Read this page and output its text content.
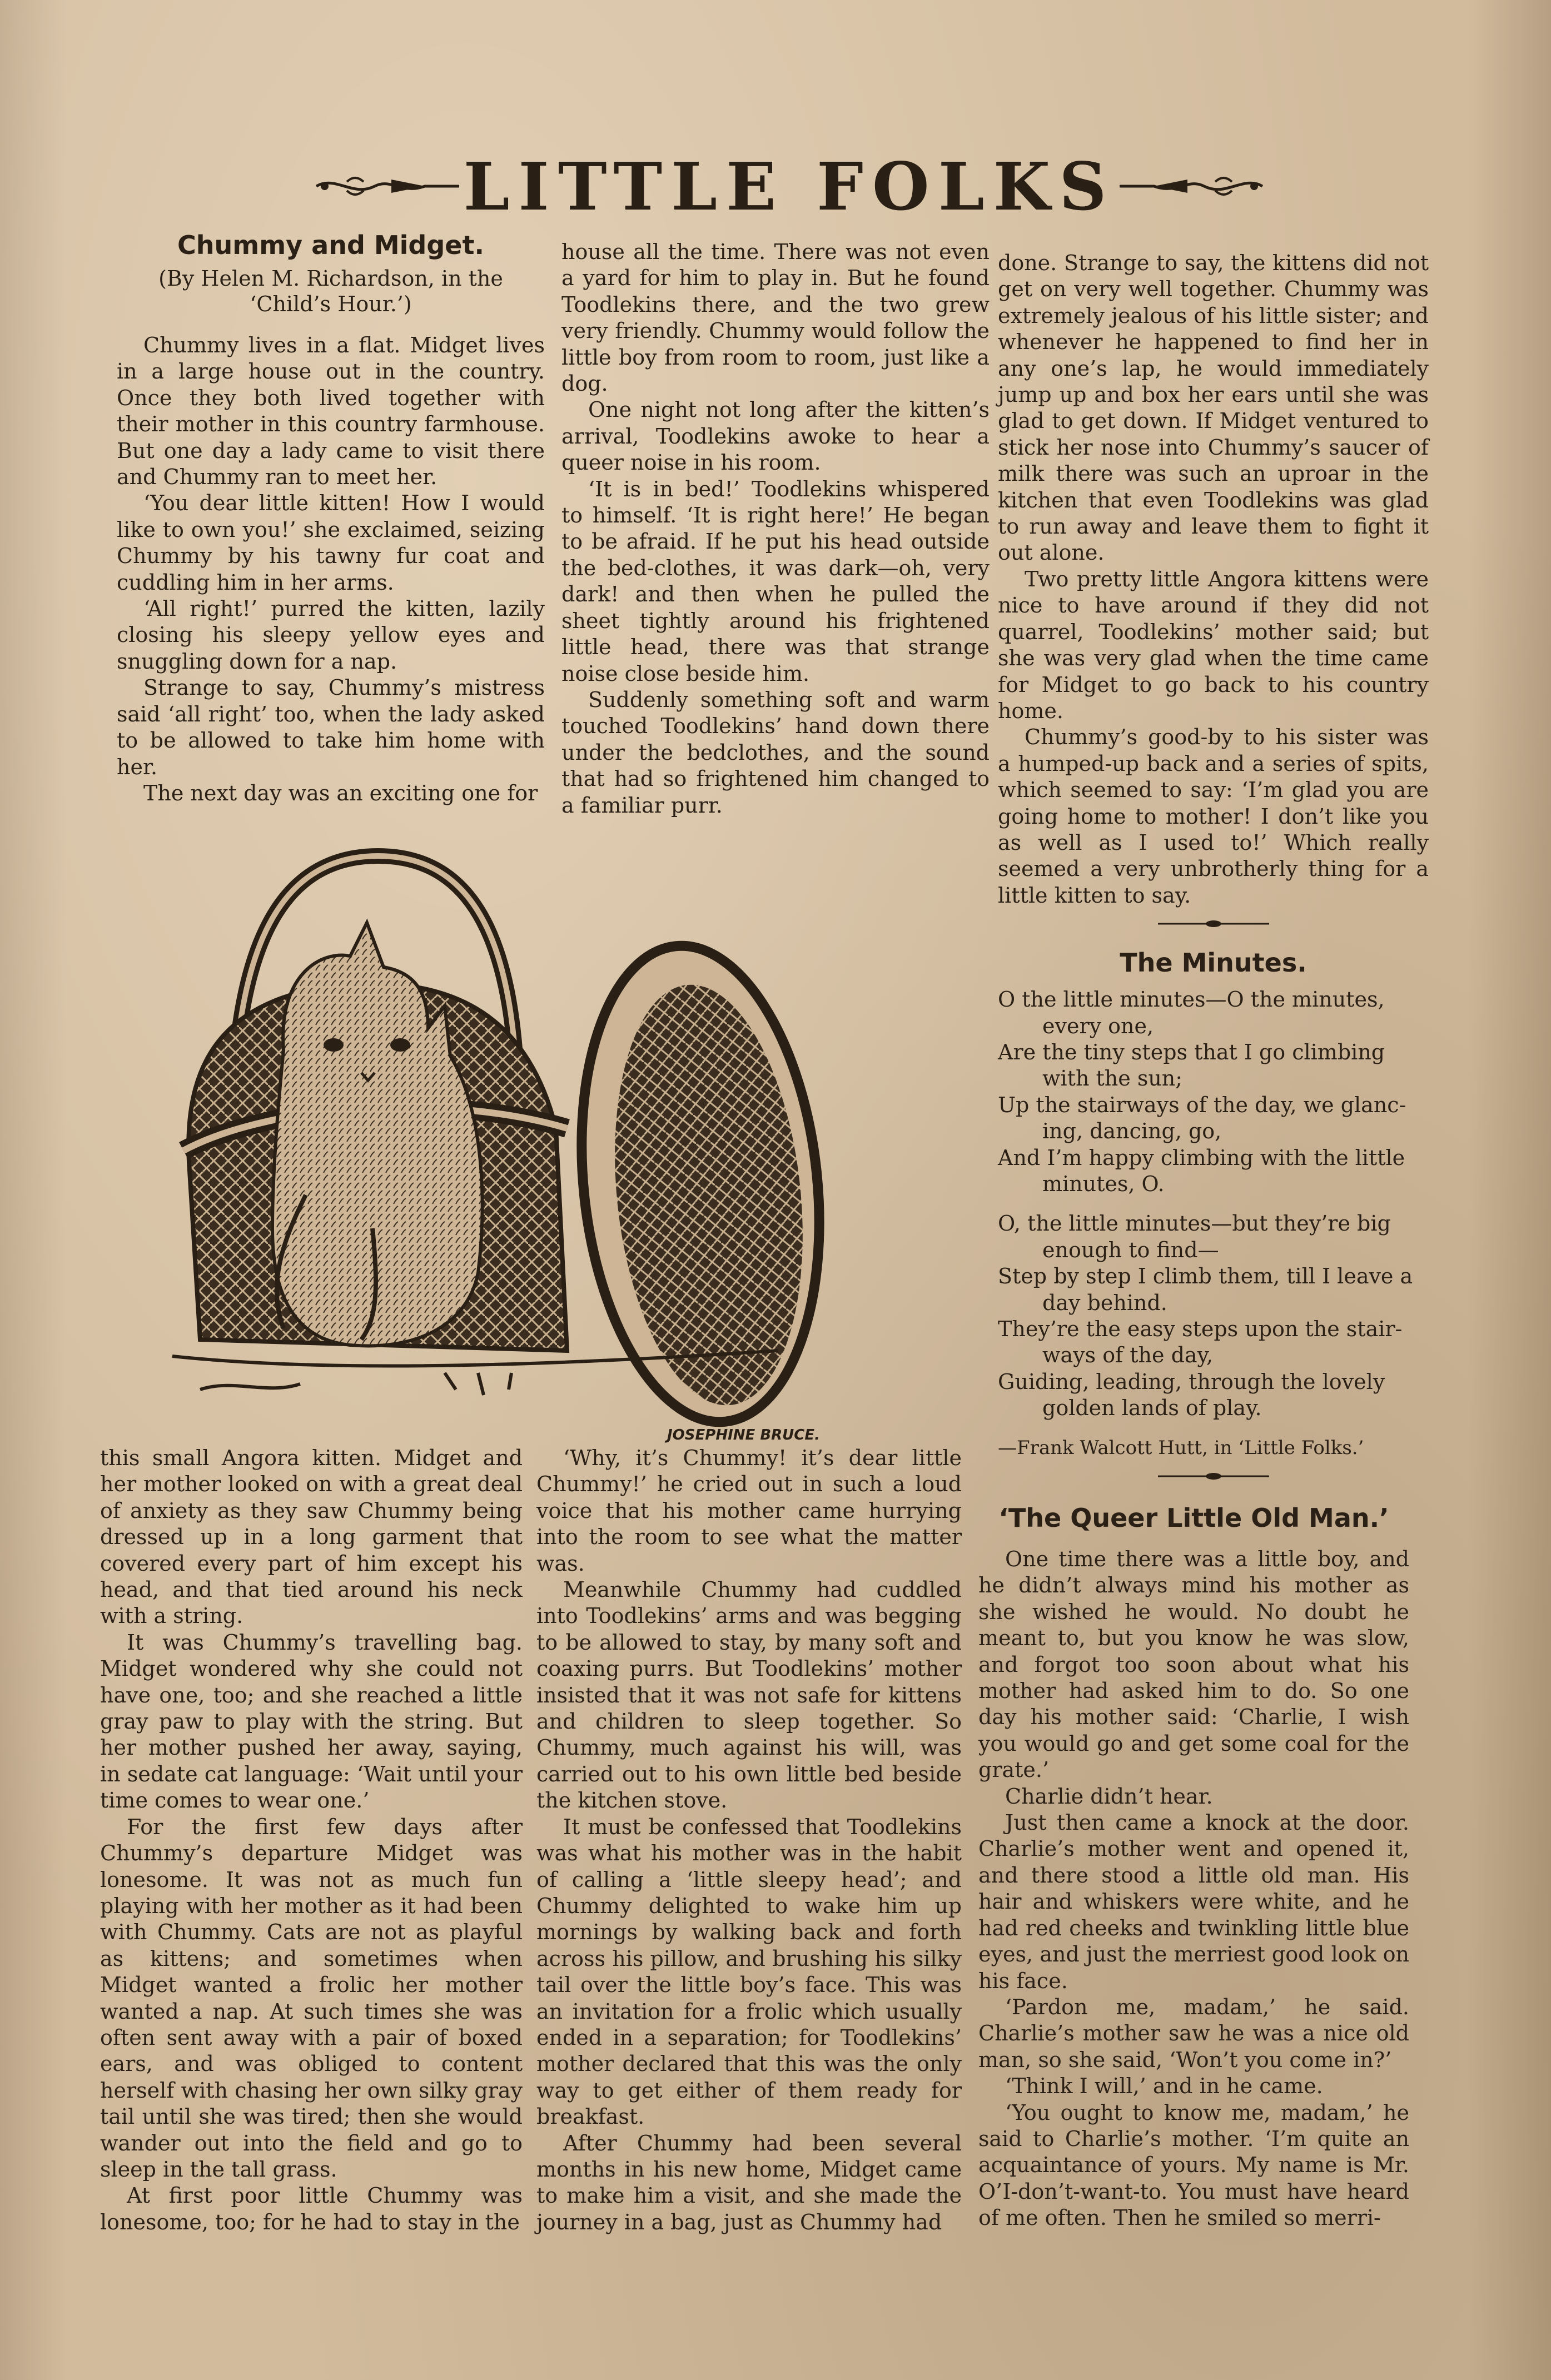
LITTLE FOLKS
Chummy and Midget.
(By Helen M. Richardson, in the
‘Child’s Hour.’)

Chummy lives in a flat. Midget lives in a large house out in the country. Once they both lived together with their mother in this country farmhouse. But one day a lady came to visit there and Chummy ran to meet her.

‘You dear little kitten! How I would like to own you!’ she exclaimed, seizing Chummy by his tawny fur coat and cuddling him in her arms.

‘All right!’ purred the kitten, lazily closing his sleepy yellow eyes and snuggling down for a nap.

Strange to say, Chummy’s mistress said ‘all right’ too, when the lady asked to be allowed to take him home with her.

The next day was an exciting one for

house all the time. There was not even a yard for him to play in. But he found Toodlekins there, and the two grew very friendly. Chummy would follow the little boy from room to room, just like a dog.

One night not long after the kitten’s arrival, Toodlekins awoke to hear a queer noise in his room.

‘It is in bed!’ Toodlekins whispered to himself. ‘It is right here!’ He began to be afraid. If he put his head outside the bed-clothes, it was dark—oh, very dark! and then when he pulled the sheet tightly around his frightened little head, there was that strange noise close beside him.

Suddenly something soft and warm touched Toodlekins’ hand down there under the bedclothes, and the sound that had so frightened him changed to a familiar purr.

done. Strange to say, the kittens did not get on very well together. Chummy was extremely jealous of his little sister; and whenever he happened to find her in any one’s lap, he would immediately jump up and box her ears until she was glad to get down. If Midget ventured to stick her nose into Chummy’s saucer of milk there was such an uproar in the kitchen that even Toodlekins was glad to run away and leave them to fight it out alone.

Two pretty little Angora kittens were nice to have around if they did not quarrel, Toodlekins’ mother said; but she was very glad when the time came for Midget to go back to his country home.

Chummy’s good-by to his sister was a humped-up back and a series of spits, which seemed to say: ‘I’m glad you are going home to mother! I don’t like you as well as I used to!’ Which really seemed a very unbrotherly thing for a little kitten to say.

The Minutes.
O the little minutes—O the minutes,
every one,
Are the tiny steps that I go climbing
with the sun;
Up the stairways of the day, we glanc-
ing, dancing, go,
And I’m happy climbing with the little
minutes, O.
O, the little minutes—but they’re big
enough to find—
Step by step I climb them, till I leave a
day behind.
They’re the easy steps upon the stair-
ways of the day,
Guiding, leading, through the lovely
golden lands of play.
—Frank Walcott Hutt, in ‘Little Folks.’
JOSEPHINE BRUCE.

this small Angora kitten. Midget and her mother looked on with a great deal of anxiety as they saw Chummy being dressed up in a long garment that covered every part of him except his head, and that tied around his neck with a string.

It was Chummy’s travelling bag. Midget wondered why she could not have one, too; and she reached a little gray paw to play with the string. But her mother pushed her away, saying, in sedate cat language: ‘Wait until your time comes to wear one.’

For the first few days after Chummy’s departure Midget was lonesome. It was not as much fun playing with her mother as it had been with Chummy. Cats are not as playful as kittens; and sometimes when Midget wanted a frolic her mother wanted a nap. At such times she was often sent away with a pair of boxed ears, and was obliged to content herself with chasing her own silky gray tail until she was tired; then she would wander out into the field and go to sleep in the tall grass.

At first poor little Chummy was lonesome, too; for he had to stay in the

‘Why, it’s Chummy! it’s dear little Chummy!’ he cried out in such a loud voice that his mother came hurrying into the room to see what the matter was.

Meanwhile Chummy had cuddled into Toodlekins’ arms and was begging to be allowed to stay, by many soft and coaxing purrs. But Toodlekins’ mother insisted that it was not safe for kittens and children to sleep together. So Chummy, much against his will, was carried out to his own little bed beside the kitchen stove.

It must be confessed that Toodlekins was what his mother was in the habit of calling a ‘little sleepy head’; and Chummy delighted to wake him up mornings by walking back and forth across his pillow, and brushing his silky tail over the little boy’s face. This was an invitation for a frolic which usually ended in a separation; for Toodlekins’ mother declared that this was the only way to get either of them ready for breakfast.

After Chummy had been several months in his new home, Midget came to make him a visit, and she made the journey in a bag, just as Chummy had

‘The Queer Little Old Man.’

One time there was a little boy, and he didn’t always mind his mother as she wished he would. No doubt he meant to, but you know he was slow, and forgot too soon about what his mother had asked him to do. So one day his mother said: ‘Charlie, I wish you would go and get some coal for the grate.’

Charlie didn’t hear.

Just then came a knock at the door. Charlie’s mother went and opened it, and there stood a little old man. His hair and whiskers were white, and he had red cheeks and twinkling little blue eyes, and just the merriest good look on his face.

‘Pardon me, madam,’ he said. Charlie’s mother saw he was a nice old man, so she said, ‘Won’t you come in?’

‘Think I will,’ and in he came.

‘You ought to know me, madam,’ he said to Charlie’s mother. ‘I’m quite an acquaintance of yours. My name is Mr. O’I-don’t-want-to. You must have heard of me often. Then he smiled so merri-
